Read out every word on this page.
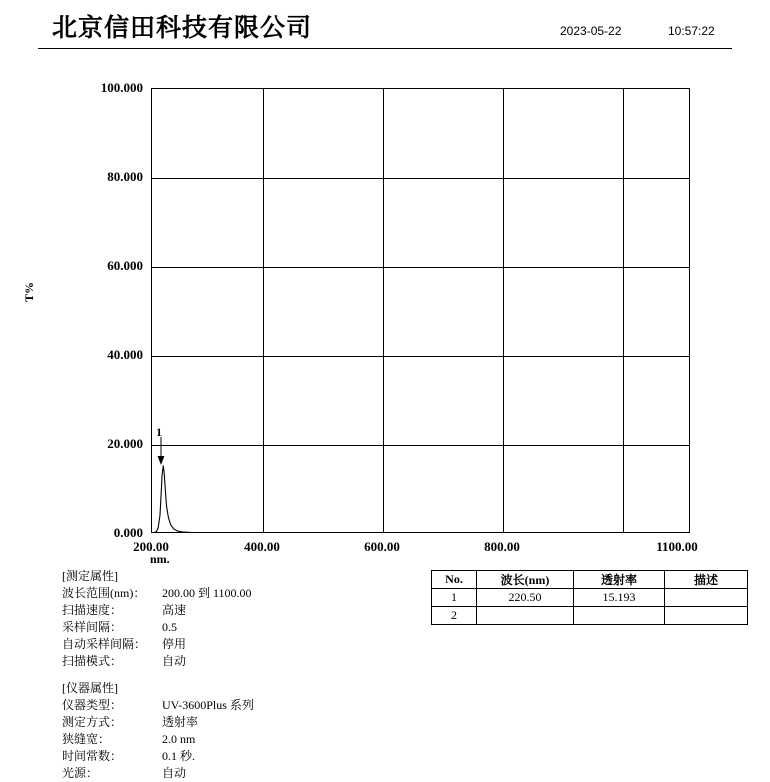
北京信田科技有限公司	2023-05-22	10:57:22
T%
100.000
80.000
60.000
40.000
20.000
0.000
1
200.00	400.00	600.00	800.00	1100.00
nm.
[测定属性]
波长范围(nm)： 200.00 到 1100.00
扫描速度：	高速
采样间隔：	0.5
自动采样间隔： 停用
扫描模式：	自动
[仪器属性]
仪器类型：	UV-3600Plus 系列
测定方式：	透射率
狭缝宽：	2.0 nm
时间常数：	0.1 秒.
光源：	自动
No.	波长(nm)	透射率	描述
1	220.50	15.193	
2			
